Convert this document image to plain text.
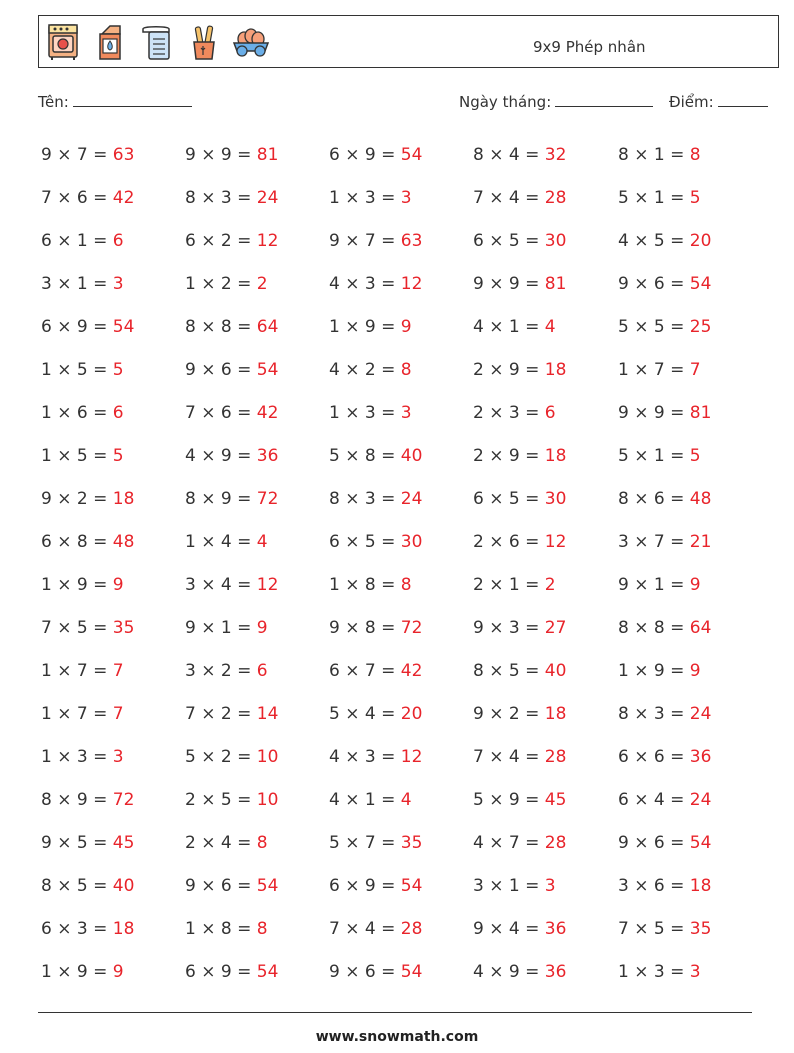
9x9 Phép nhân
Tên:	Ngày tháng:	Điểm:
9 × 7 = 63	9 × 9 = 81	6 × 9 = 54	8 × 4 = 32	8 × 1 = 8
7 × 6 = 42	8 × 3 = 24	1 × 3 = 3	7 × 4 = 28	5 × 1 = 5
6 × 1 = 6	6 × 2 = 12	9 × 7 = 63	6 × 5 = 30	4 × 5 = 20
3 × 1 = 3	1 × 2 = 2	4 × 3 = 12	9 × 9 = 81	9 × 6 = 54
6 × 9 = 54	8 × 8 = 64	1 × 9 = 9	4 × 1 = 4	5 × 5 = 25
1 × 5 = 5	9 × 6 = 54	4 × 2 = 8	2 × 9 = 18	1 × 7 = 7
1 × 6 = 6	7 × 6 = 42	1 × 3 = 3	2 × 3 = 6	9 × 9 = 81
1 × 5 = 5	4 × 9 = 36	5 × 8 = 40	2 × 9 = 18	5 × 1 = 5
9 × 2 = 18	8 × 9 = 72	8 × 3 = 24	6 × 5 = 30	8 × 6 = 48
6 × 8 = 48	1 × 4 = 4	6 × 5 = 30	2 × 6 = 12	3 × 7 = 21
1 × 9 = 9	3 × 4 = 12	1 × 8 = 8	2 × 1 = 2	9 × 1 = 9
7 × 5 = 35	9 × 1 = 9	9 × 8 = 72	9 × 3 = 27	8 × 8 = 64
1 × 7 = 7	3 × 2 = 6	6 × 7 = 42	8 × 5 = 40	1 × 9 = 9
1 × 7 = 7	7 × 2 = 14	5 × 4 = 20	9 × 2 = 18	8 × 3 = 24
1 × 3 = 3	5 × 2 = 10	4 × 3 = 12	7 × 4 = 28	6 × 6 = 36
8 × 9 = 72	2 × 5 = 10	4 × 1 = 4	5 × 9 = 45	6 × 4 = 24
9 × 5 = 45	2 × 4 = 8	5 × 7 = 35	4 × 7 = 28	9 × 6 = 54
8 × 5 = 40	9 × 6 = 54	6 × 9 = 54	3 × 1 = 3	3 × 6 = 18
6 × 3 = 18	1 × 8 = 8	7 × 4 = 28	9 × 4 = 36	7 × 5 = 35
1 × 9 = 9	6 × 9 = 54	9 × 6 = 54	4 × 9 = 36	1 × 3 = 3
www.snowmath.com
